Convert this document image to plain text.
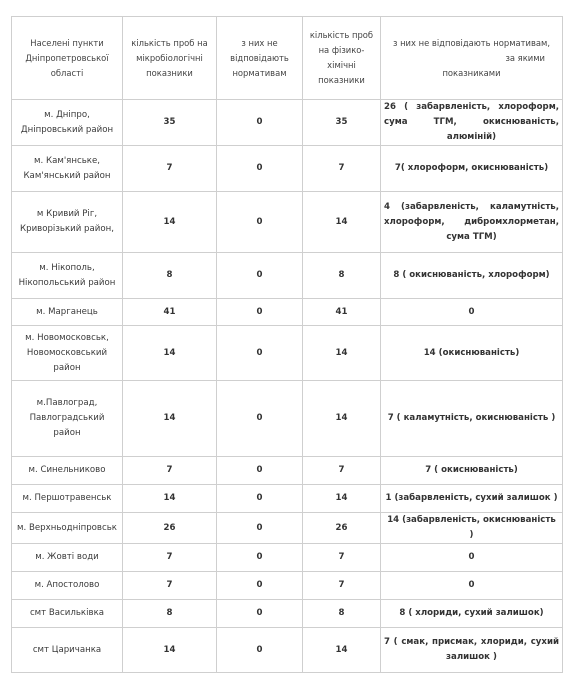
Населені пункти Дніпропетровської області	кількість проб на мікробіологічні показники	з них не відповідають нормативам	кількість проб на фізико-хімічні показники	з них не відповідають нормативам,
за якими
показниками

м. Дніпро, Дніпровський район	35	0	35	26 ( забарвленість, хлороформ, сума ТГМ, окиснюваність, алюміній)
м. Кам'янське, Кам'янський район	7	0	7	7( хлороформ, окиснюваність)
м Кривий Ріг, Криворізький район,	14	0	14	4 (забарвленість, каламутність, хлороформ, дибромхлорметан, сума ТГМ)
м. Нікополь, Нікопольський район	8	0	8	8 ( окиснюваність, хлороформ)
м. Марганець	41	0	41	0
м. Новомосковськ, Новомосковський район	14	0	14	14 (окиснюваність)
м.Павлоград, Павлоградський район	14	0	14	7 ( каламутність, окиснюваність )
м. Синельниково	7	0	7	7 ( окиснюваність)
м. Першотравенськ	14	0	14	1 (забарвленість, сухий залишок )
м. Верхньодніпровськ	26	0	26	14 (забарвленість, окиснюваність )
м. Жовті води	7	0	7	0
м. Апостолово	7	0	7	0
смт Васильківка	8	0	8	8 ( хлориди, сухий залишок)
смт Царичанка	14	0	14	7 ( смак, присмак, хлориди, сухий залишок )
